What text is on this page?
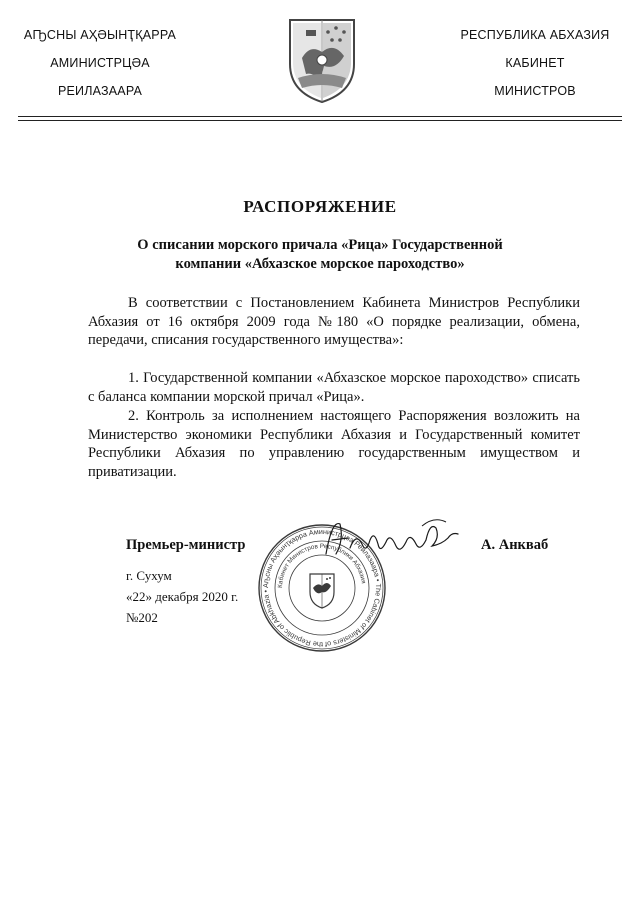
АҦСНЫ АҲӘЫНҬҚАРРА
АМИНИСТРЦӘА
РЕИЛАЗААРА
РЕСПУБЛИКА АБХАЗИЯ
КАБИНЕТ
МИНИСТРОВ
РАСПОРЯЖЕНИЕ
О списании морского причала «Рица» Государственной
компании «Абхазское морское пароходство»
В соответствии с Постановлением Кабинета Министров Республики Абхазия от 16 октября 2009 года №180 «О порядке реализации, обмена, передачи, списания государственного имущества»:
1. Государственной компании «Абхазское морское пароходство» списать с баланса компании морской причал «Рица».
2. Контроль за исполнением настоящего Распоряжения возложить на Министерство экономики Республики Абхазия и Государственный комитет Республики Абхазия по управлению государственным имуществом и приватизации.
Аҧсны Аҳәынҭқарра Аминистрцәа Реилазаара • The Cabinet of Ministers of the Republic of Abkhazia •
Кабинет Министров Республики Абхазия
Премьер-министр	А. Анкваб
г. Сухум
«22» декабря 2020 г.
№202
